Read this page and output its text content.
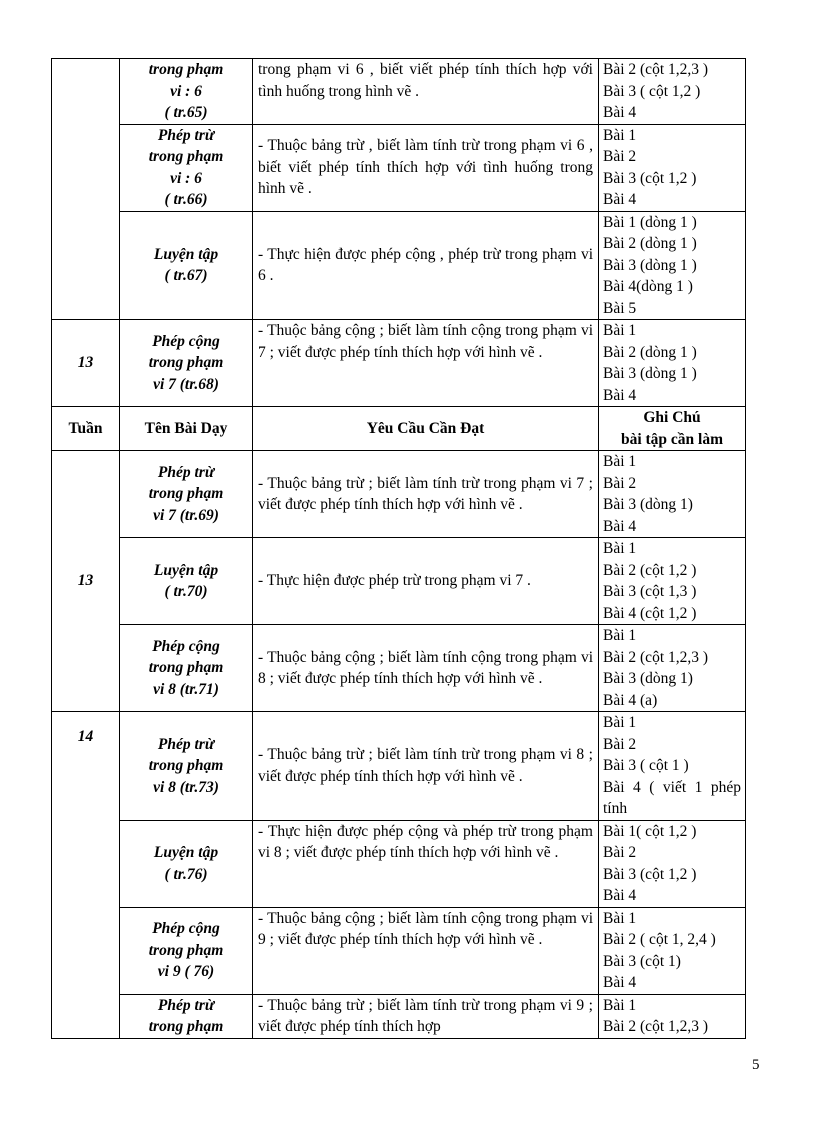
	trong phạm
vi : 6
( tr.65)	trong phạm vi 6 , biết viết phép tính thích hợp với tình huống trong hình vẽ .	Bài 2 (cột 1,2,3 )
Bài 3 ( cột 1,2 )
Bài 4

	Phép trừ
trong phạm
vi : 6
( tr.66)	- Thuộc bảng trừ , biết làm tính trừ trong phạm vi 6 , biết viết phép tính thích hợp với tình huống trong hình vẽ .	Bài 1
Bài 2
Bài 3 (cột 1,2 )
Bài 4

	Luyện tập
( tr.67)	- Thực hiện được phép cộng , phép trừ trong phạm vi 6 .	Bài 1 (dòng 1 )
Bài 2 (dòng 1 )
Bài 3 (dòng 1 )
Bài 4(dòng 1 )
Bài 5

13	Phép cộng
trong phạm
vi 7 (tr.68)	- Thuộc bảng cộng ; biết làm tính cộng trong phạm vi 7 ; viết được phép tính thích hợp với hình vẽ .	Bài 1
Bài 2 (dòng 1 )
Bài 3 (dòng 1 )
Bài 4

Tuần	Tên Bài Dạy	Yêu Cầu Cần Đạt	Ghi Chú
bài tập cần làm

13	Phép trừ
trong phạm
vi 7 (tr.69)	- Thuộc bảng trừ ; biết làm tính trừ trong phạm vi 7 ; viết được phép tính thích hợp với hình vẽ .	Bài 1
Bài 2
Bài 3 (dòng 1)
Bài 4

	Luyện tập
( tr.70)	- Thực hiện được phép trừ trong phạm vi 7 .	Bài 1
Bài 2 (cột 1,2 )
Bài 3 (cột 1,3 )
Bài 4 (cột 1,2 )

	Phép cộng
trong phạm
vi 8 (tr.71)	- Thuộc bảng cộng ; biết làm tính cộng trong phạm vi 8 ; viết được phép tính thích hợp với hình vẽ .	Bài 1
Bài 2 (cột 1,2,3 )
Bài 3 (dòng 1)
Bài 4 (a)

14	Phép trừ
trong phạm
vi 8 (tr.73)	- Thuộc bảng trừ ; biết làm tính trừ trong phạm vi 8 ; viết được phép tính thích hợp với hình vẽ .	Bài 1
Bài 2
Bài 3 ( cột 1 )
Bài 4 ( viết 1 phép tính

	Luyện tập
( tr.76)	- Thực hiện được phép cộng và phép trừ trong phạm vi 8 ; viết được phép tính thích hợp với hình vẽ .	Bài 1( cột 1,2 )
Bài 2
Bài 3 (cột 1,2 )
Bài 4

	Phép cộng
trong phạm
vi 9 ( 76)	- Thuộc bảng cộng ; biết làm tính cộng trong phạm vi 9 ; viết được phép tính thích hợp với hình vẽ .	Bài 1
Bài 2 ( cột 1, 2,4 )
Bài 3 (cột 1)
Bài 4

	Phép trừ
trong phạm	- Thuộc bảng trừ ; biết làm tính trừ trong phạm vi 9 ; viết được phép tính thích hợp	Bài 1
Bài 2 (cột 1,2,3 )
5
